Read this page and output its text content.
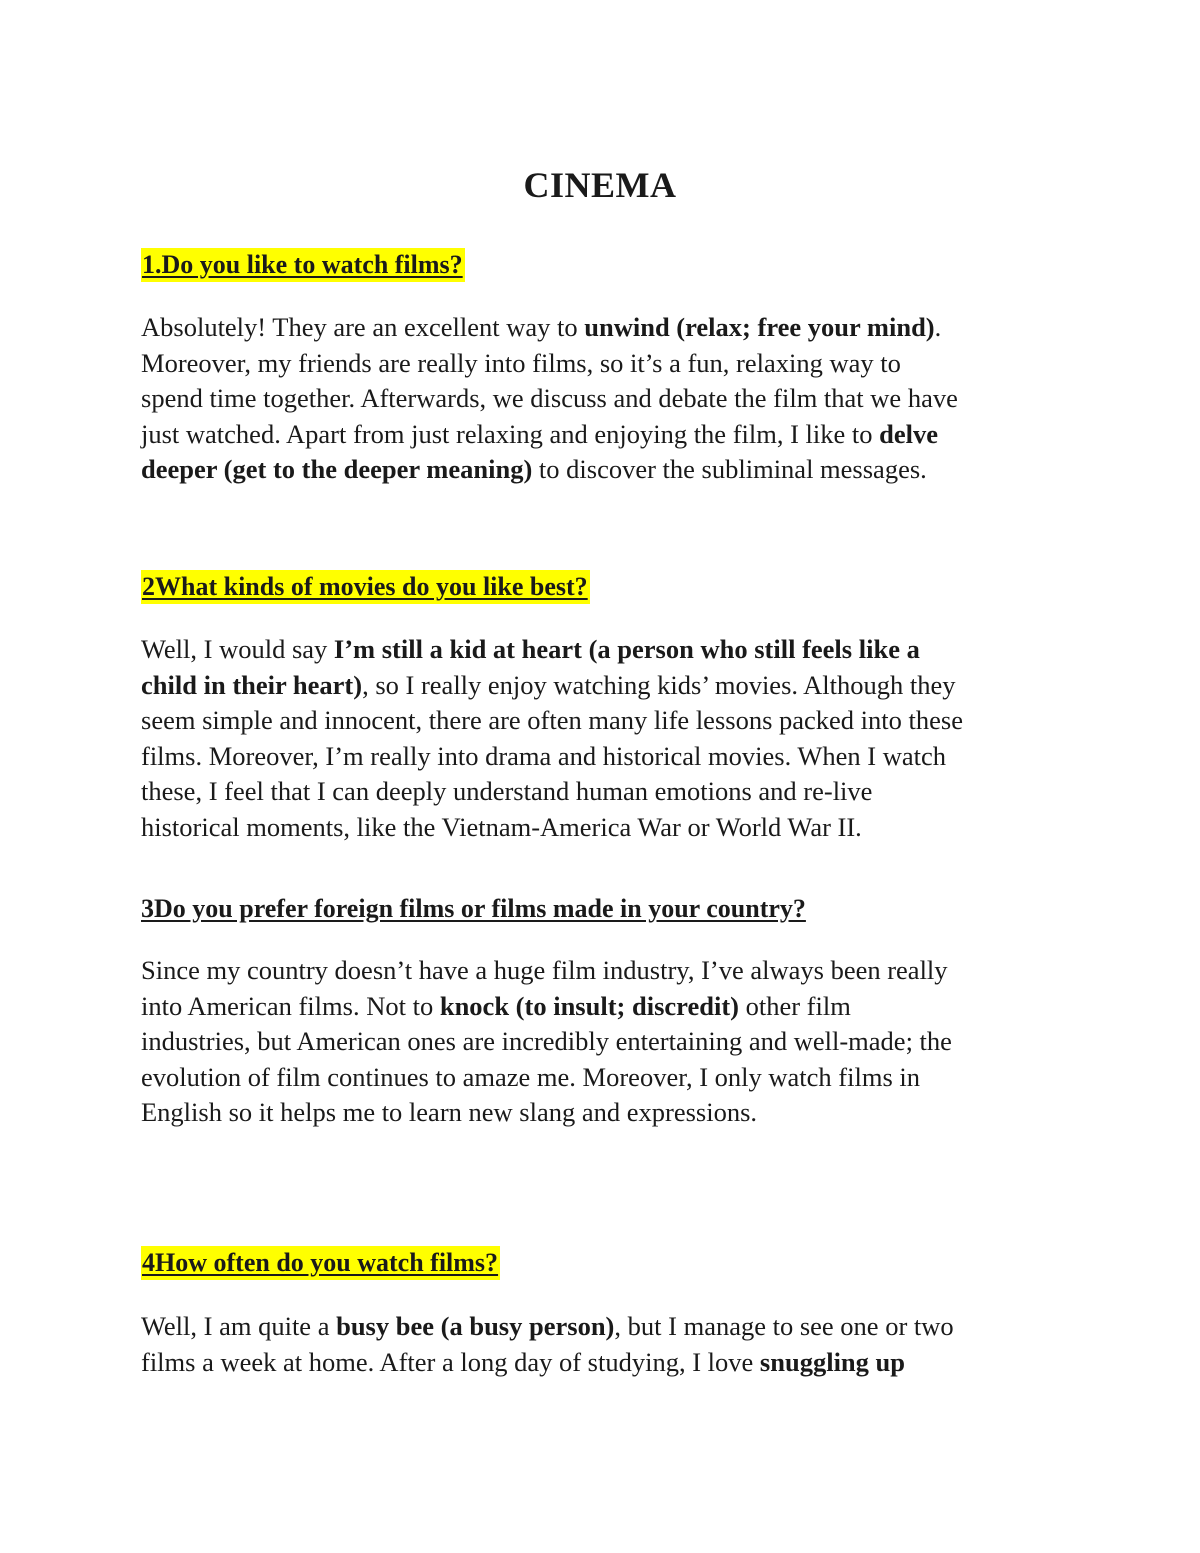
CINEMA
1.Do you like to watch films?

Absolutely! They are an excellent way to unwind (relax; free your mind).
Moreover, my friends are really into films, so it’s a fun, relaxing way to
spend time together. Afterwards, we discuss and debate the film that we have
just watched. Apart from just relaxing and enjoying the film, I like to delve
deeper (get to the deeper meaning) to discover the subliminal messages.

2What kinds of movies do you like best?

Well, I would say I’m still a kid at heart (a person who still feels like a
child in their heart), so I really enjoy watching kids’ movies. Although they
seem simple and innocent, there are often many life lessons packed into these
films. Moreover, I’m really into drama and historical movies. When I watch
these, I feel that I can deeply understand human emotions and re-live
historical moments, like the Vietnam-America War or World War II.

3Do you prefer foreign films or films made in your country?

Since my country doesn’t have a huge film industry, I’ve always been really
into American films. Not to knock (to insult; discredit) other film
industries, but American ones are incredibly entertaining and well-made; the
evolution of film continues to amaze me. Moreover, I only watch films in
English so it helps me to learn new slang and expressions.

4How often do you watch films?

Well, I am quite a busy bee (a busy person), but I manage to see one or two
films a week at home. After a long day of studying, I love snuggling up
